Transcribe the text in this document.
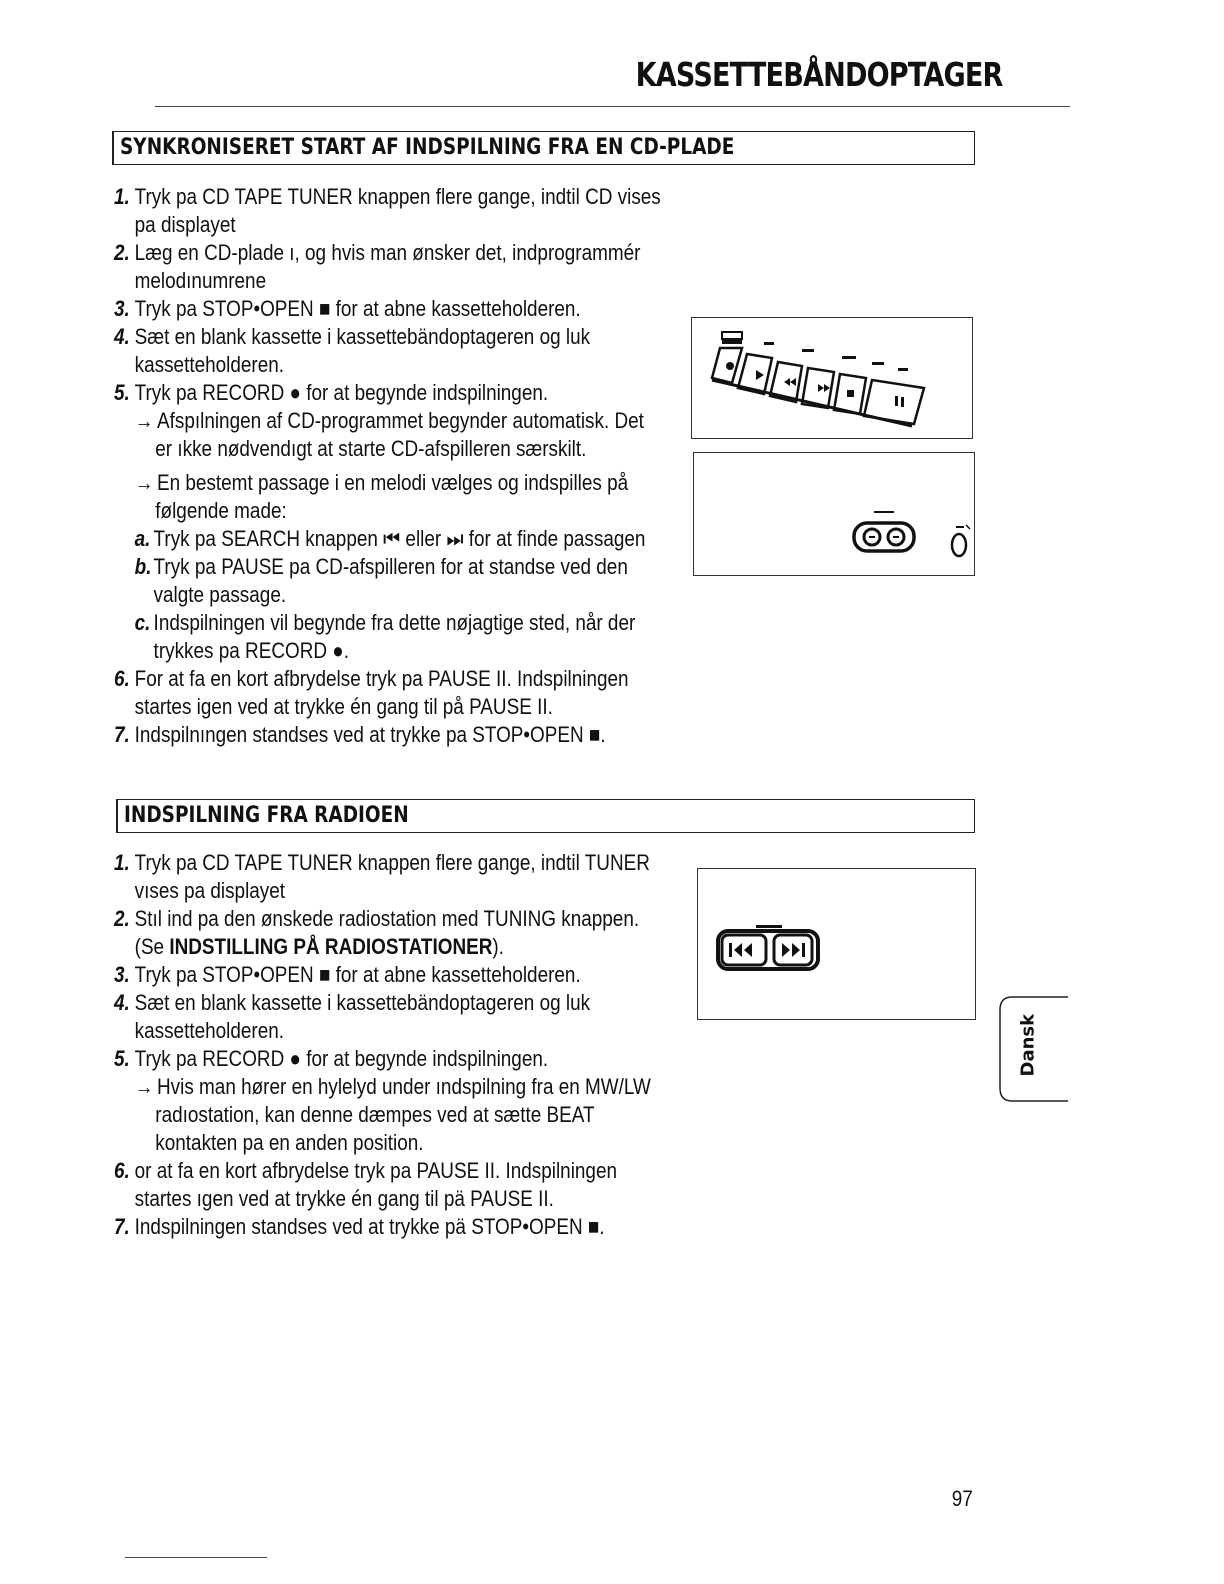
KASSETTEBÅNDOPTAGER
SYNKRONISERET START AF INDSPILNING FRA EN CD-PLADE
1. Tryk pa CD TAPE TUNER knappen flere gange, indtil CD vises
pa displayet
2. Læg en CD-plade ı, og hvis man ønsker det, indprogrammér
melodınumrene
3. Tryk pa STOP•OPEN ■ for at abne kassetteholderen.
4. Sæt en blank kassette i kassettebändoptageren og luk
kassetteholderen.
5. Tryk pa RECORD ● for at begynde indspilningen.
→ Afspılningen af CD-programmet begynder automatisk. Det
er ıkke nødvendıgt at starte CD-afspilleren særskilt.
→ En bestemt passage i en melodi vælges og indspilles på
følgende made:
a. Tryk pa SEARCH knappen ⏮ eller ⏭ for at finde passagen
b. Tryk pa PAUSE pa CD-afspilleren for at standse ved den
valgte passage.
c. Indspilningen vil begynde fra dette nøjagtige sted, når der
trykkes pa RECORD ●.
6. For at fa en kort afbrydelse tryk pa PAUSE II. Indspilningen
startes igen ved at trykke én gang til på PAUSE II.
7. Indspilnıngen standses ved at trykke pa STOP•OPEN ■.
INDSPILNING FRA RADIOEN
1. Tryk pa CD TAPE TUNER knappen flere gange, indtil TUNER
vıses pa displayet
2. Stıl ind pa den ønskede radiostation med TUNING knappen.
(Se INDSTILLING PÅ RADIOSTATIONER).
3. Tryk pa STOP•OPEN ■ for at abne kassetteholderen.
4. Sæt en blank kassette i kassettebändoptageren og luk
kassetteholderen.
5. Tryk pa RECORD ● for at begynde indspilningen.
→ Hvis man hører en hylelyd under ındspilning fra en MW/LW
radıostation, kan denne dæmpes ved at sætte BEAT
kontakten pa en anden position.
6. or at fa en kort afbrydelse tryk pa PAUSE II. Indspilningen
startes ıgen ved at trykke én gang til pä PAUSE II.
7. Indspilningen standses ved at trykke pä STOP•OPEN ■.
Dansk
97
